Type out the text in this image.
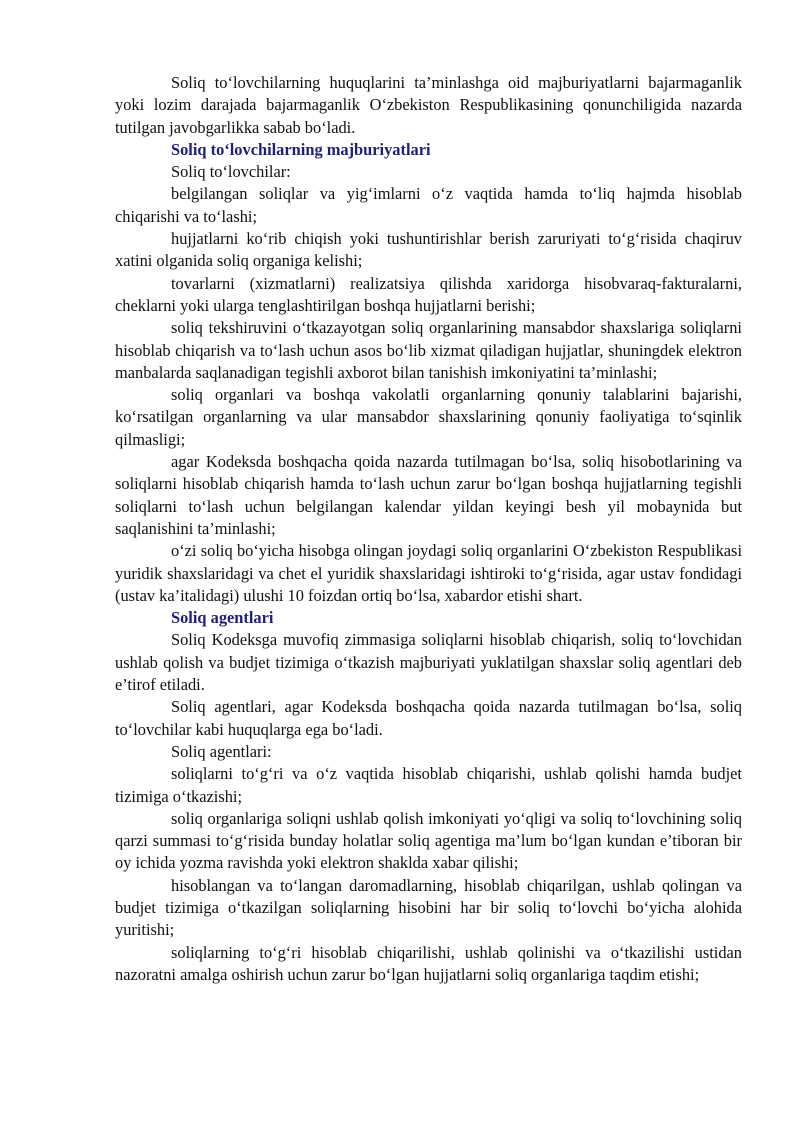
Soliq to‘lovchilarning huquqlarini ta’minlashga oid majburiyatlarni bajarmaganlik yoki lozim darajada bajarmaganlik O‘zbekiston Respublikasining qonunchiligida nazarda tutilgan javobgarlikka sabab bo‘ladi.

Soliq to‘lovchilarning majburiyatlari

Soliq to‘lovchilar:

belgilangan soliqlar va yig‘imlarni o‘z vaqtida hamda to‘liq hajmda hisoblab chiqarishi va to‘lashi;

hujjatlarni ko‘rib chiqish yoki tushuntirishlar berish zaruriyati to‘g‘risida chaqiruv xatini olganida soliq organiga kelishi;

tovarlarni (xizmatlarni) realizatsiya qilishda xaridorga hisobvaraq-fakturalarni, cheklarni yoki ularga tenglashtirilgan boshqa hujjatlarni berishi;

soliq tekshiruvini o‘tkazayotgan soliq organlarining mansabdor shaxslariga soliqlarni hisoblab chiqarish va to‘lash uchun asos bo‘lib xizmat qiladigan hujjatlar, shuningdek elektron manbalarda saqlanadigan tegishli axborot bilan tanishish imkoniyatini ta’minlashi;

soliq organlari va boshqa vakolatli organlarning qonuniy talablarini bajarishi, ko‘rsatilgan organlarning va ular mansabdor shaxslarining qonuniy faoliyatiga to‘sqinlik qilmasligi;

agar Kodeksda boshqacha qoida nazarda tutilmagan bo‘lsa, soliq hisobotlarining va soliqlarni hisoblab chiqarish hamda to‘lash uchun zarur bo‘lgan boshqa hujjatlarning tegishli soliqlarni to‘lash uchun belgilangan kalendar yildan keyingi besh yil mobaynida but saqlanishini ta’minlashi;

o‘zi soliq bo‘yicha hisobga olingan joydagi soliq organlarini O‘zbekiston Respublikasi yuridik shaxslaridagi va chet el yuridik shaxslaridagi ishtiroki to‘g‘risida, agar ustav fondidagi (ustav ka’italidagi) ulushi 10 foizdan ortiq bo‘lsa, xabardor etishi shart.

Soliq agentlari

Soliq Kodeksga muvofiq zimmasiga soliqlarni hisoblab chiqarish, soliq to‘lovchidan ushlab qolish va budjet tizimiga o‘tkazish majburiyati yuklatilgan shaxslar soliq agentlari deb e’tirof etiladi.

Soliq agentlari, agar Kodeksda boshqacha qoida nazarda tutilmagan bo‘lsa, soliq to‘lovchilar kabi huquqlarga ega bo‘ladi.

Soliq agentlari:

soliqlarni to‘g‘ri va o‘z vaqtida hisoblab chiqarishi, ushlab qolishi hamda budjet tizimiga o‘tkazishi;

soliq organlariga soliqni ushlab qolish imkoniyati yo‘qligi va soliq to‘lovchining soliq qarzi summasi to‘g‘risida bunday holatlar soliq agentiga ma’lum bo‘lgan kundan e’tiboran bir oy ichida yozma ravishda yoki elektron shaklda xabar qilishi;

hisoblangan va to‘langan daromadlarning, hisoblab chiqarilgan, ushlab qolingan va budjet tizimiga o‘tkazilgan soliqlarning hisobini har bir soliq to‘lovchi bo‘yicha alohida yuritishi;

soliqlarning to‘g‘ri hisoblab chiqarilishi, ushlab qolinishi va o‘tkazilishi ustidan nazoratni amalga oshirish uchun zarur bo‘lgan hujjatlarni soliq organlariga taqdim etishi;
